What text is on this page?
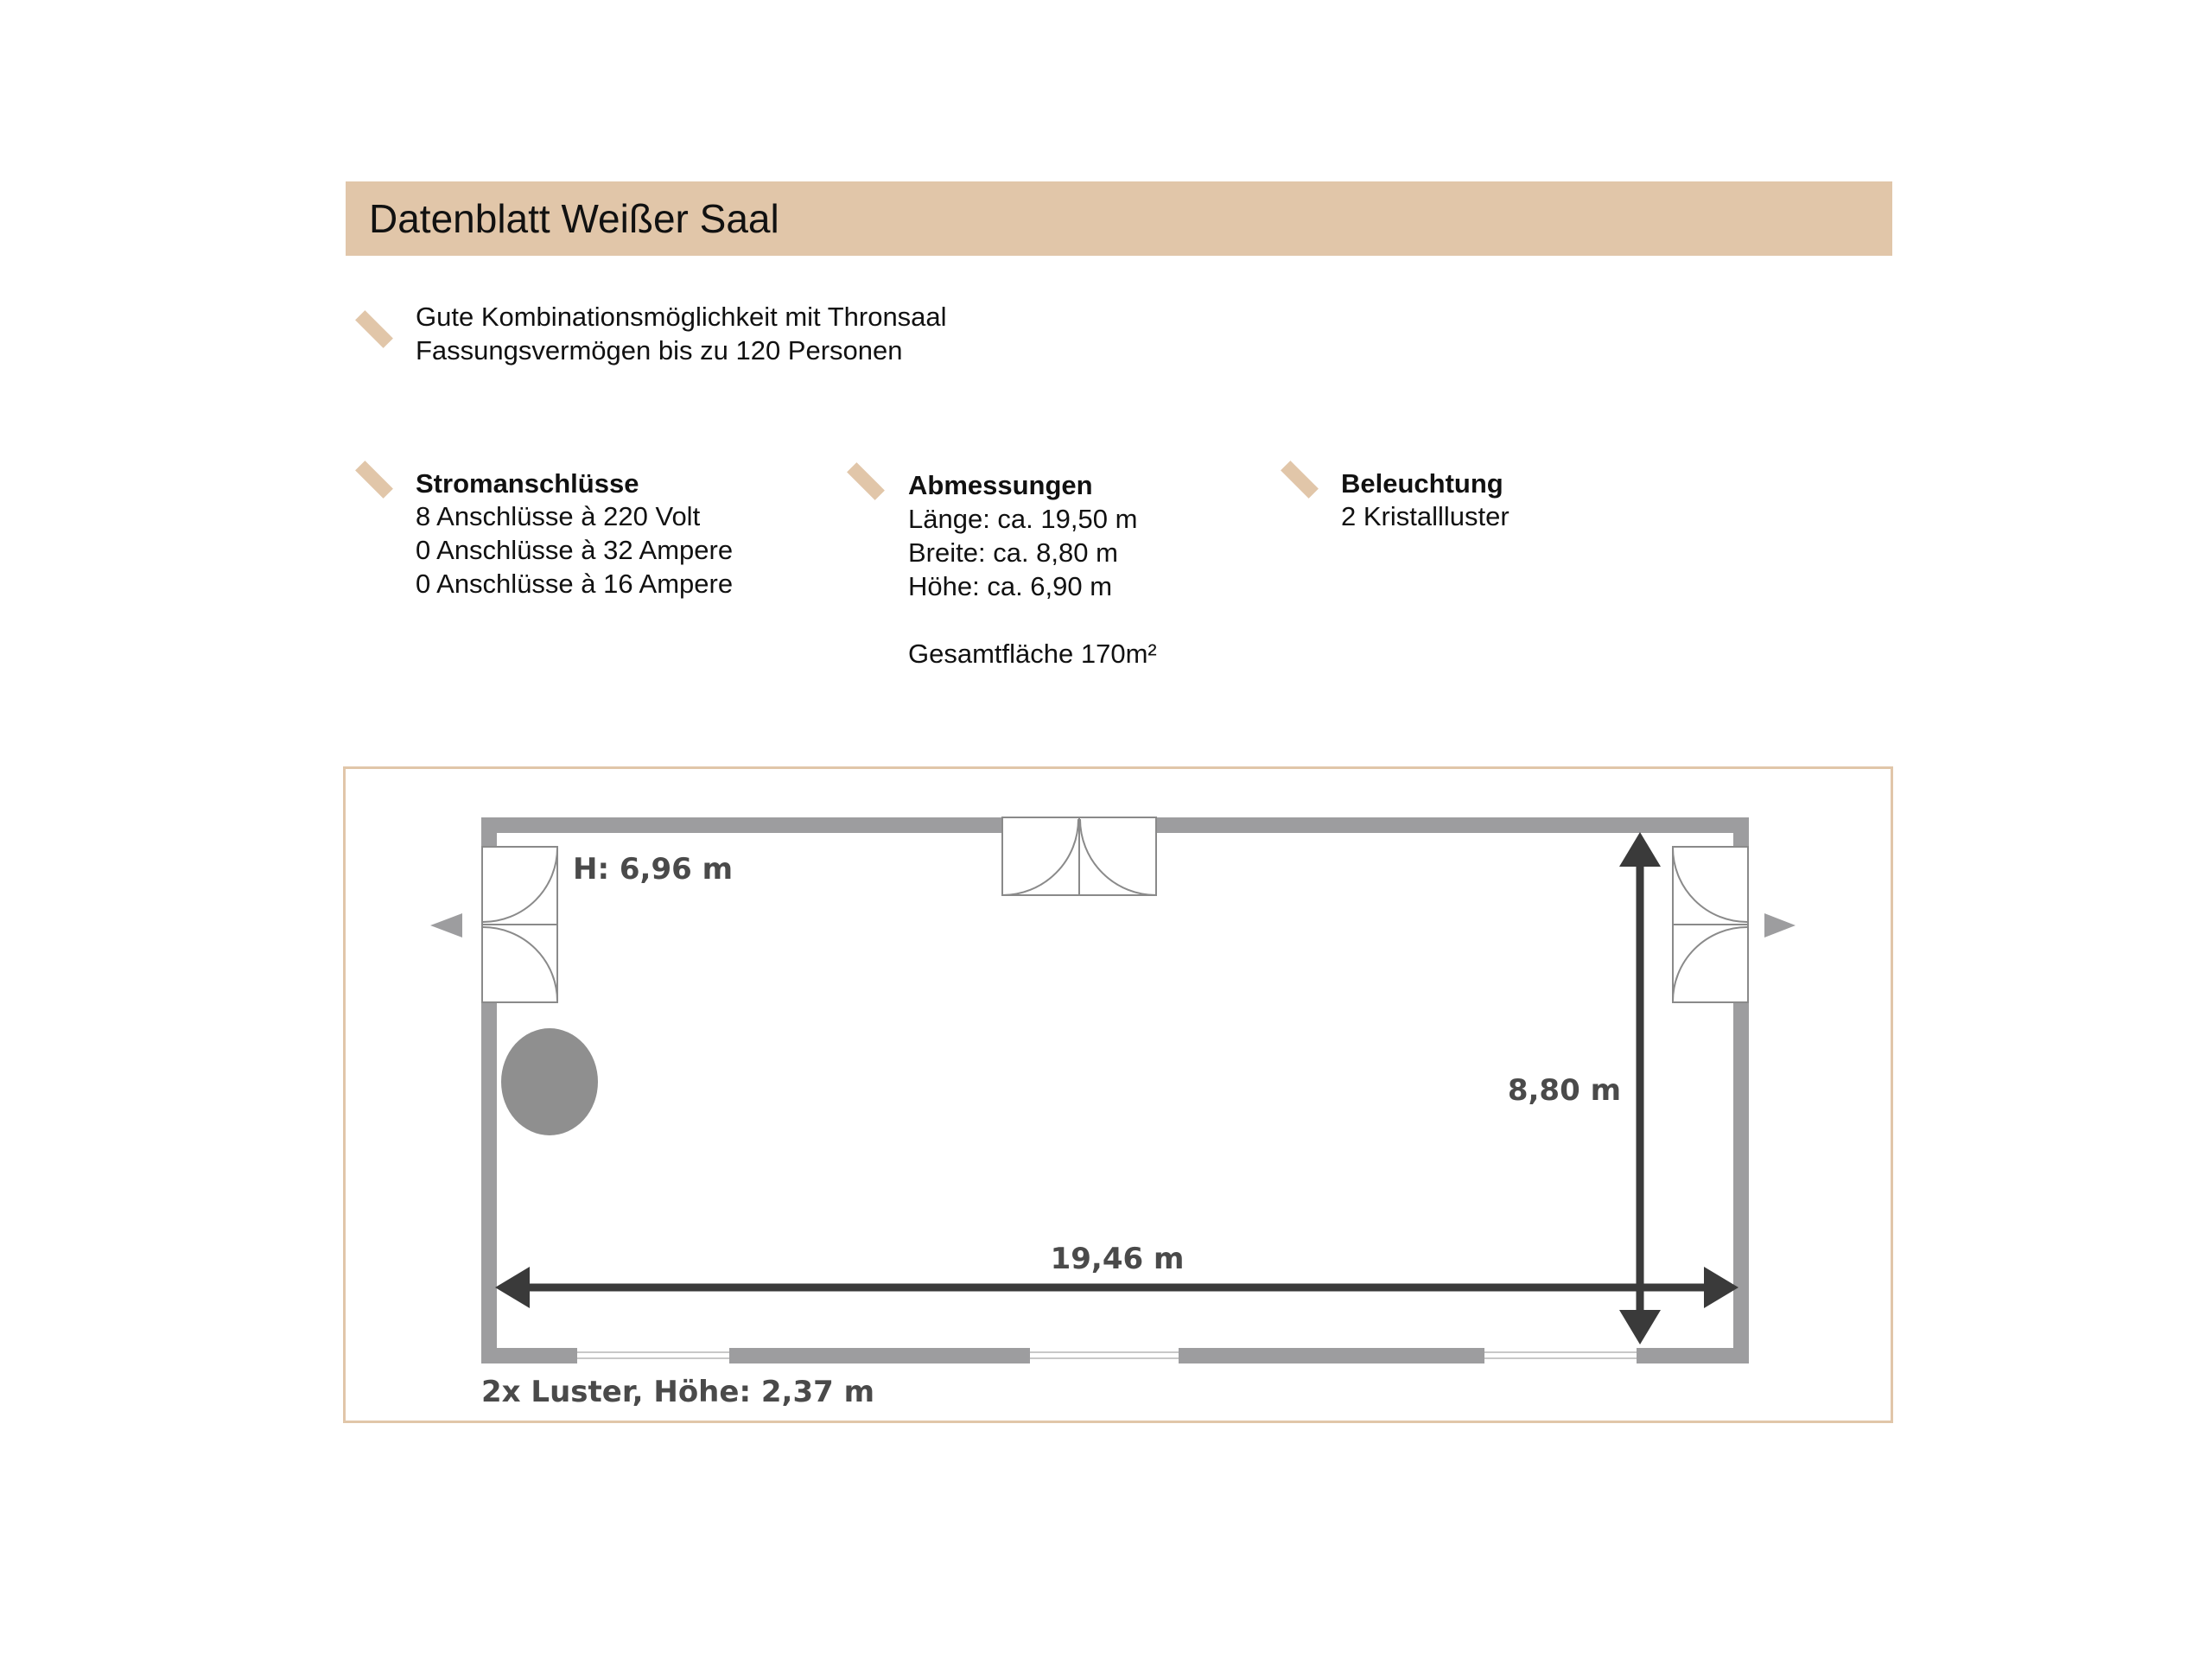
Datenblatt Weißer Saal
Gute Kombinationsmöglichkeit mit Thronsaal
Fassungsvermögen bis zu 120 Personen
Stromanschlüsse
8 Anschlüsse à 220 Volt
0 Anschlüsse à 32 Ampere
0 Anschlüsse à 16 Ampere
Abmessungen
Länge: ca. 19,50 m
Breite: ca. 8,80 m
Höhe: ca. 6,90 m
Gesamtfläche 170m²
Beleuchtung
2 Kristallluster
H: 6,96 m
8,80 m
19,46 m
2x Luster, Höhe: 2,37 m
